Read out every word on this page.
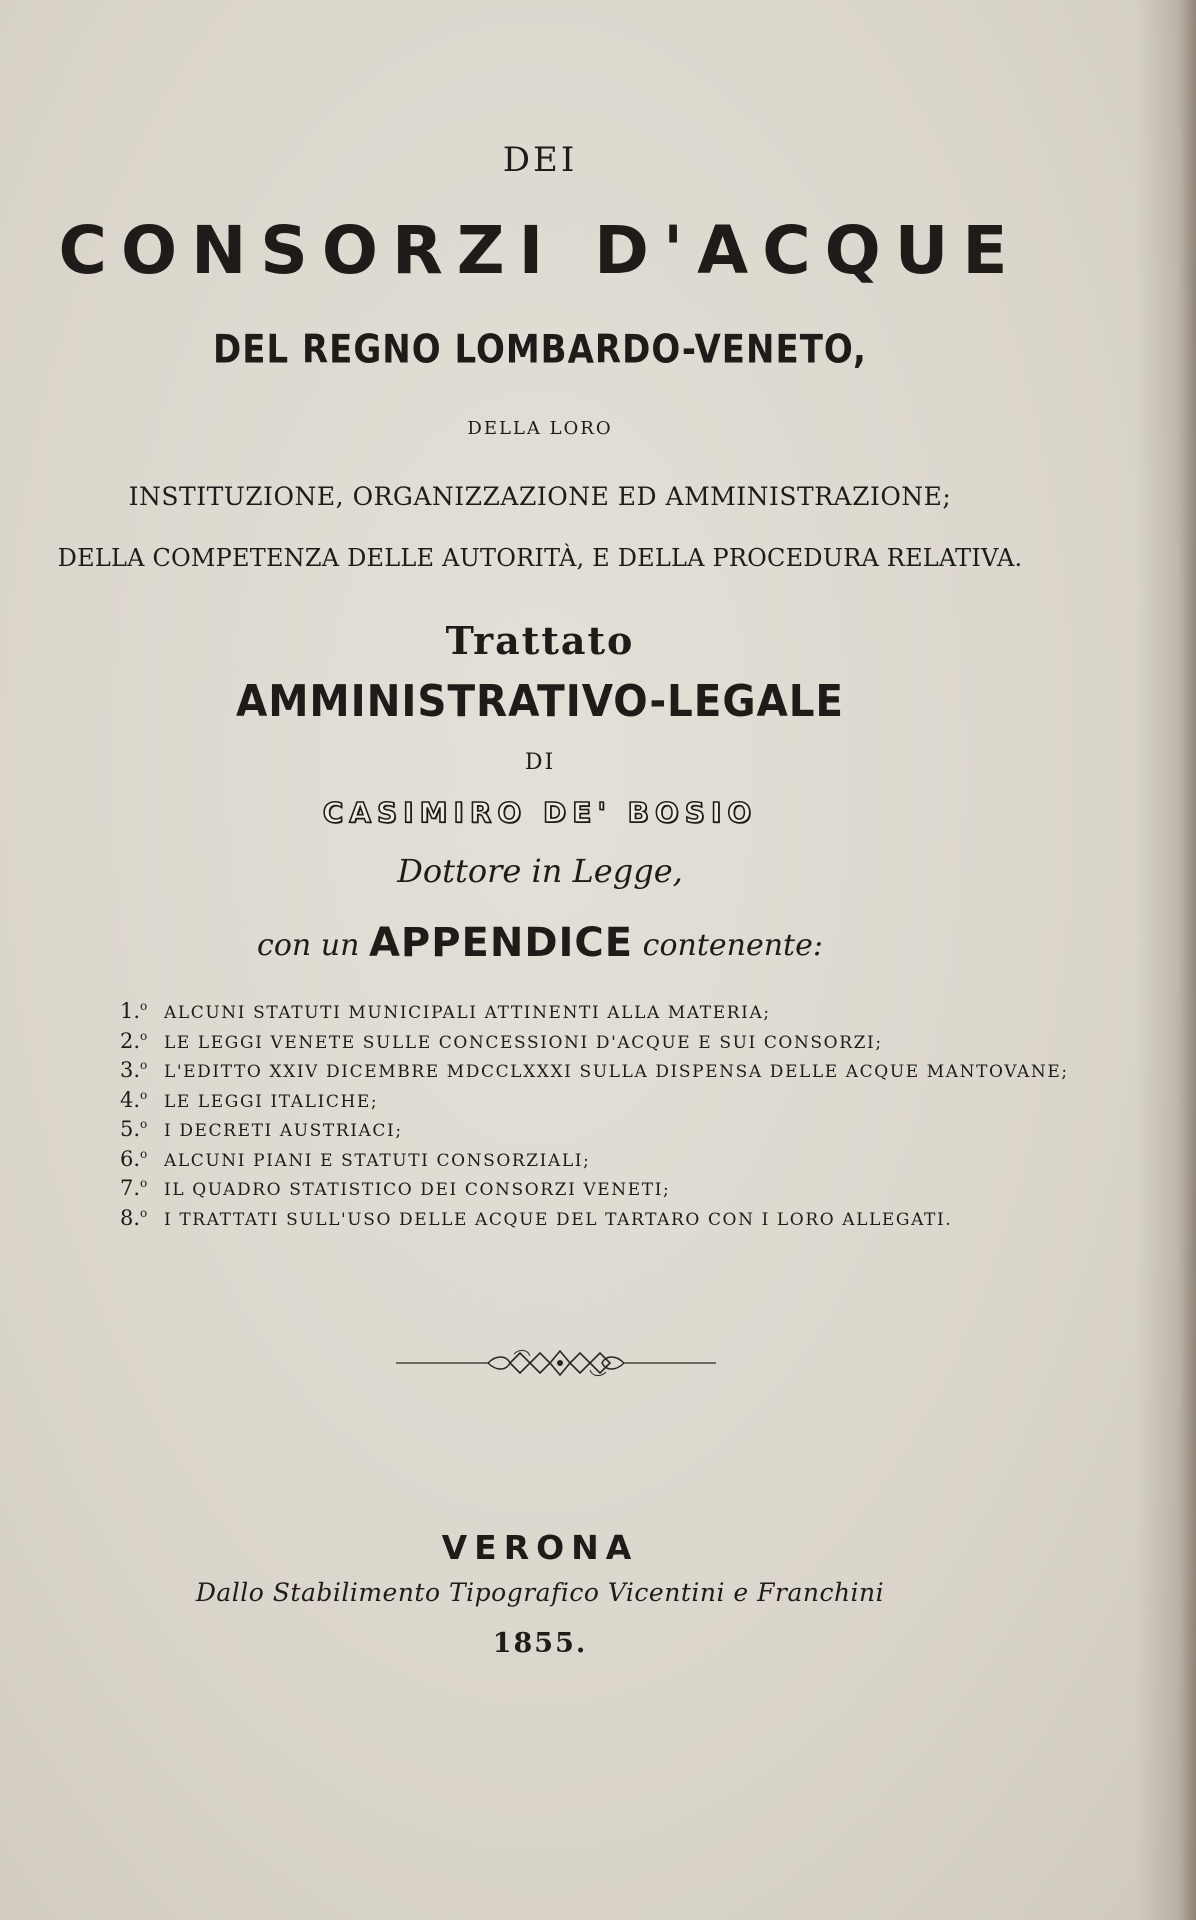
DEI
CONSORZI D'ACQUE
DEL REGNO LOMBARDO-VENETO,
DELLA LORO
INSTITUZIONE, ORGANIZZAZIONE ED AMMINISTRAZIONE;
DELLA COMPETENZA DELLE AUTORITÀ, E DELLA PROCEDURA RELATIVA.
Trattato
AMMINISTRATIVO-LEGALE
DI
CASIMIRO DE' BOSIO
Dottore in Legge,
con un APPENDICE contenente:
1.$^o$ ALCUNI STATUTI MUNICIPALI ATTINENTI ALLA MATERIA;
2.$^o$ LE LEGGI VENETE SULLE CONCESSIONI D'ACQUE E SUI CONSORZI;
3.$^o$ L'EDITTO XXIV DICEMBRE MDCCLXXXI SULLA DISPENSA DELLE ACQUE MANTOVANE;
4.$^o$ LE LEGGI ITALICHE;
5.$^o$ I DECRETI AUSTRIACI;
6.$^o$ ALCUNI PIANI E STATUTI CONSORZIALI;
7.$^o$ IL QUADRO STATISTICO DEI CONSORZI VENETI;
8.$^o$ I TRATTATI SULL'USO DELLE ACQUE DEL TARTARO CON I LORO ALLEGATI.
VERONA
Dallo Stabilimento Tipografico Vicentini e Franchini
1855.
